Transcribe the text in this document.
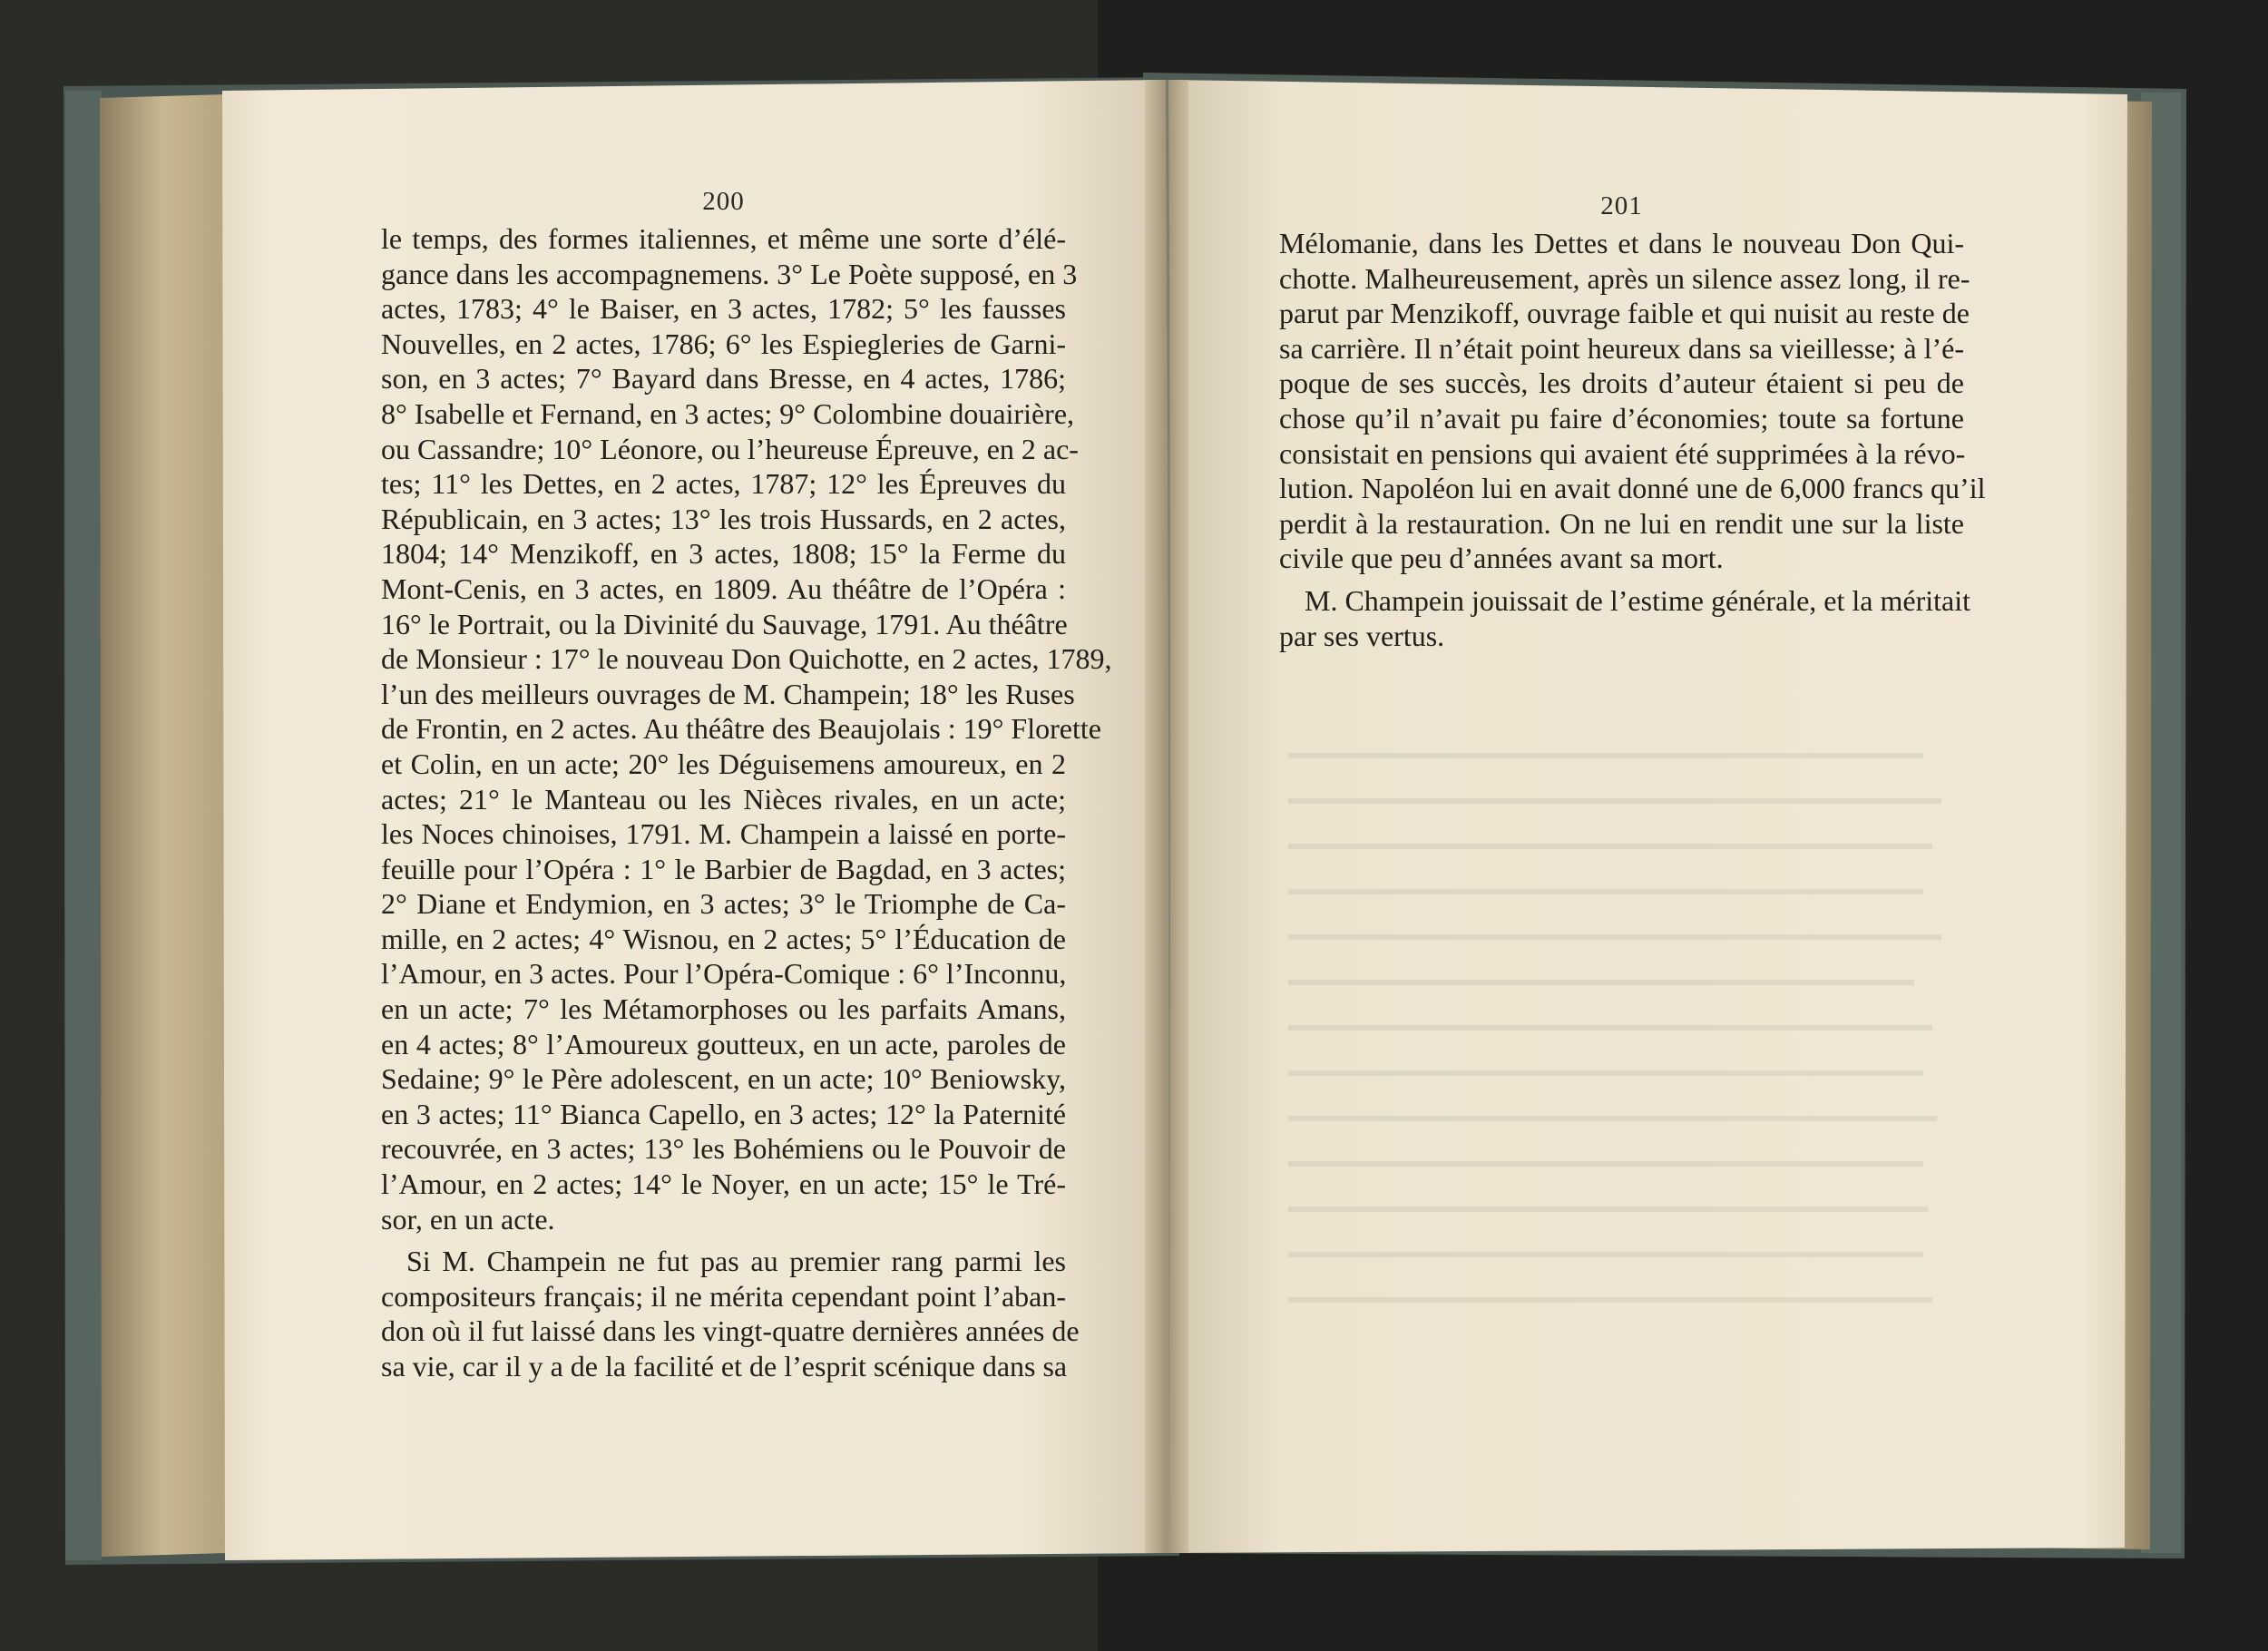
200
le temps, des formes italiennes, et même une sorte d’élé-
gance dans les accompagnemens. 3° Le Poète supposé, en 3
actes, 1783; 4° le Baiser, en 3 actes, 1782; 5° les fausses
Nouvelles, en 2 actes, 1786; 6° les Espiegleries de Garni-
son, en 3 actes; 7° Bayard dans Bresse, en 4 actes, 1786;
8° Isabelle et Fernand, en 3 actes; 9° Colombine douairière,
ou Cassandre; 10° Léonore, ou l’heureuse Épreuve, en 2 ac-
tes; 11° les Dettes, en 2 actes, 1787; 12° les Épreuves du
Républicain, en 3 actes; 13° les trois Hussards, en 2 actes,
1804; 14° Menzikoff, en 3 actes, 1808; 15° la Ferme du
Mont-Cenis, en 3 actes, en 1809. Au théâtre de l’Opéra :
16° le Portrait, ou la Divinité du Sauvage, 1791. Au théâtre
de Monsieur : 17° le nouveau Don Quichotte, en 2 actes, 1789,
l’un des meilleurs ouvrages de M. Champein; 18° les Ruses
de Frontin, en 2 actes. Au théâtre des Beaujolais : 19° Florette
et Colin, en un acte; 20° les Déguisemens amoureux, en 2
actes; 21° le Manteau ou les Nièces rivales, en un acte;
les Noces chinoises, 1791. M. Champein a laissé en porte-
feuille pour l’Opéra : 1° le Barbier de Bagdad, en 3 actes;
2° Diane et Endymion, en 3 actes; 3° le Triomphe de Ca-
mille, en 2 actes; 4° Wisnou, en 2 actes; 5° l’Éducation de
l’Amour, en 3 actes. Pour l’Opéra-Comique : 6° l’Inconnu,
en un acte; 7° les Métamorphoses ou les parfaits Amans,
en 4 actes; 8° l’Amoureux goutteux, en un acte, paroles de
Sedaine; 9° le Père adolescent, en un acte; 10° Beniowsky,
en 3 actes; 11° Bianca Capello, en 3 actes; 12° la Paternité
recouvrée, en 3 actes; 13° les Bohémiens ou le Pouvoir de
l’Amour, en 2 actes; 14° le Noyer, en un acte; 15° le Tré-
sor, en un acte.
Si M. Champein ne fut pas au premier rang parmi les
compositeurs français; il ne mérita cependant point l’aban-
don où il fut laissé dans les vingt-quatre dernières années de
sa vie, car il y a de la facilité et de l’esprit scénique dans sa
201
Mélomanie, dans les Dettes et dans le nouveau Don Qui-
chotte. Malheureusement, après un silence assez long, il re-
parut par Menzikoff, ouvrage faible et qui nuisit au reste de
sa carrière. Il n’était point heureux dans sa vieillesse; à l’é-
poque de ses succès, les droits d’auteur étaient si peu de
chose qu’il n’avait pu faire d’économies; toute sa fortune
consistait en pensions qui avaient été supprimées à la révo-
lution. Napoléon lui en avait donné une de 6,000 francs qu’il
perdit à la restauration. On ne lui en rendit une sur la liste
civile que peu d’années avant sa mort.
M. Champein jouissait de l’estime générale, et la méritait
par ses vertus.
